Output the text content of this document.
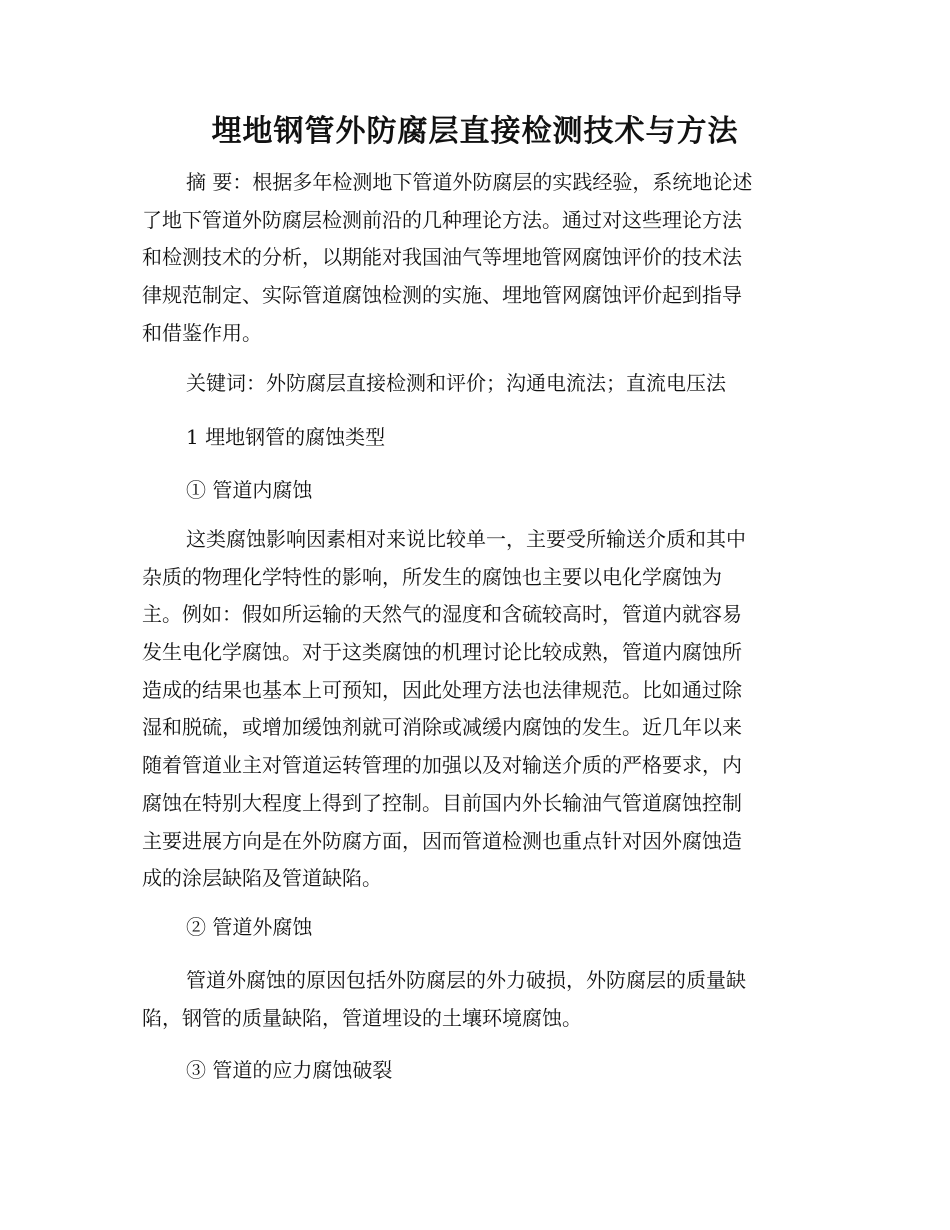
埋地钢管外防腐层直接检测技术与方法
摘 要：根据多年检测地下管道外防腐层的实践经验，系统地论述
了地下管道外防腐层检测前沿的几种理论方法。通过对这些理论方法
和检测技术的分析，以期能对我国油气等埋地管网腐蚀评价的技术法
律规范制定、实际管道腐蚀检测的实施、埋地管网腐蚀评价起到指导
和借鉴作用。
关键词：外防腐层直接检测和评价；沟通电流法；直流电压法
1 埋地钢管的腐蚀类型
① 管道内腐蚀
这类腐蚀影响因素相对来说比较单一，主要受所输送介质和其中
杂质的物理化学特性的影响，所发生的腐蚀也主要以电化学腐蚀为
主。例如：假如所运输的天然气的湿度和含硫较高时，管道内就容易
发生电化学腐蚀。对于这类腐蚀的机理讨论比较成熟，管道内腐蚀所
造成的结果也基本上可预知，因此处理方法也法律规范。比如通过除
湿和脱硫，或增加缓蚀剂就可消除或减缓内腐蚀的发生。近几年以来
随着管道业主对管道运转管理的加强以及对输送介质的严格要求，内
腐蚀在特别大程度上得到了控制。目前国内外长输油气管道腐蚀控制
主要进展方向是在外防腐方面，因而管道检测也重点针对因外腐蚀造
成的涂层缺陷及管道缺陷。
② 管道外腐蚀
管道外腐蚀的原因包括外防腐层的外力破损，外防腐层的质量缺
陷，钢管的质量缺陷，管道埋设的土壤环境腐蚀。
③ 管道的应力腐蚀破裂
